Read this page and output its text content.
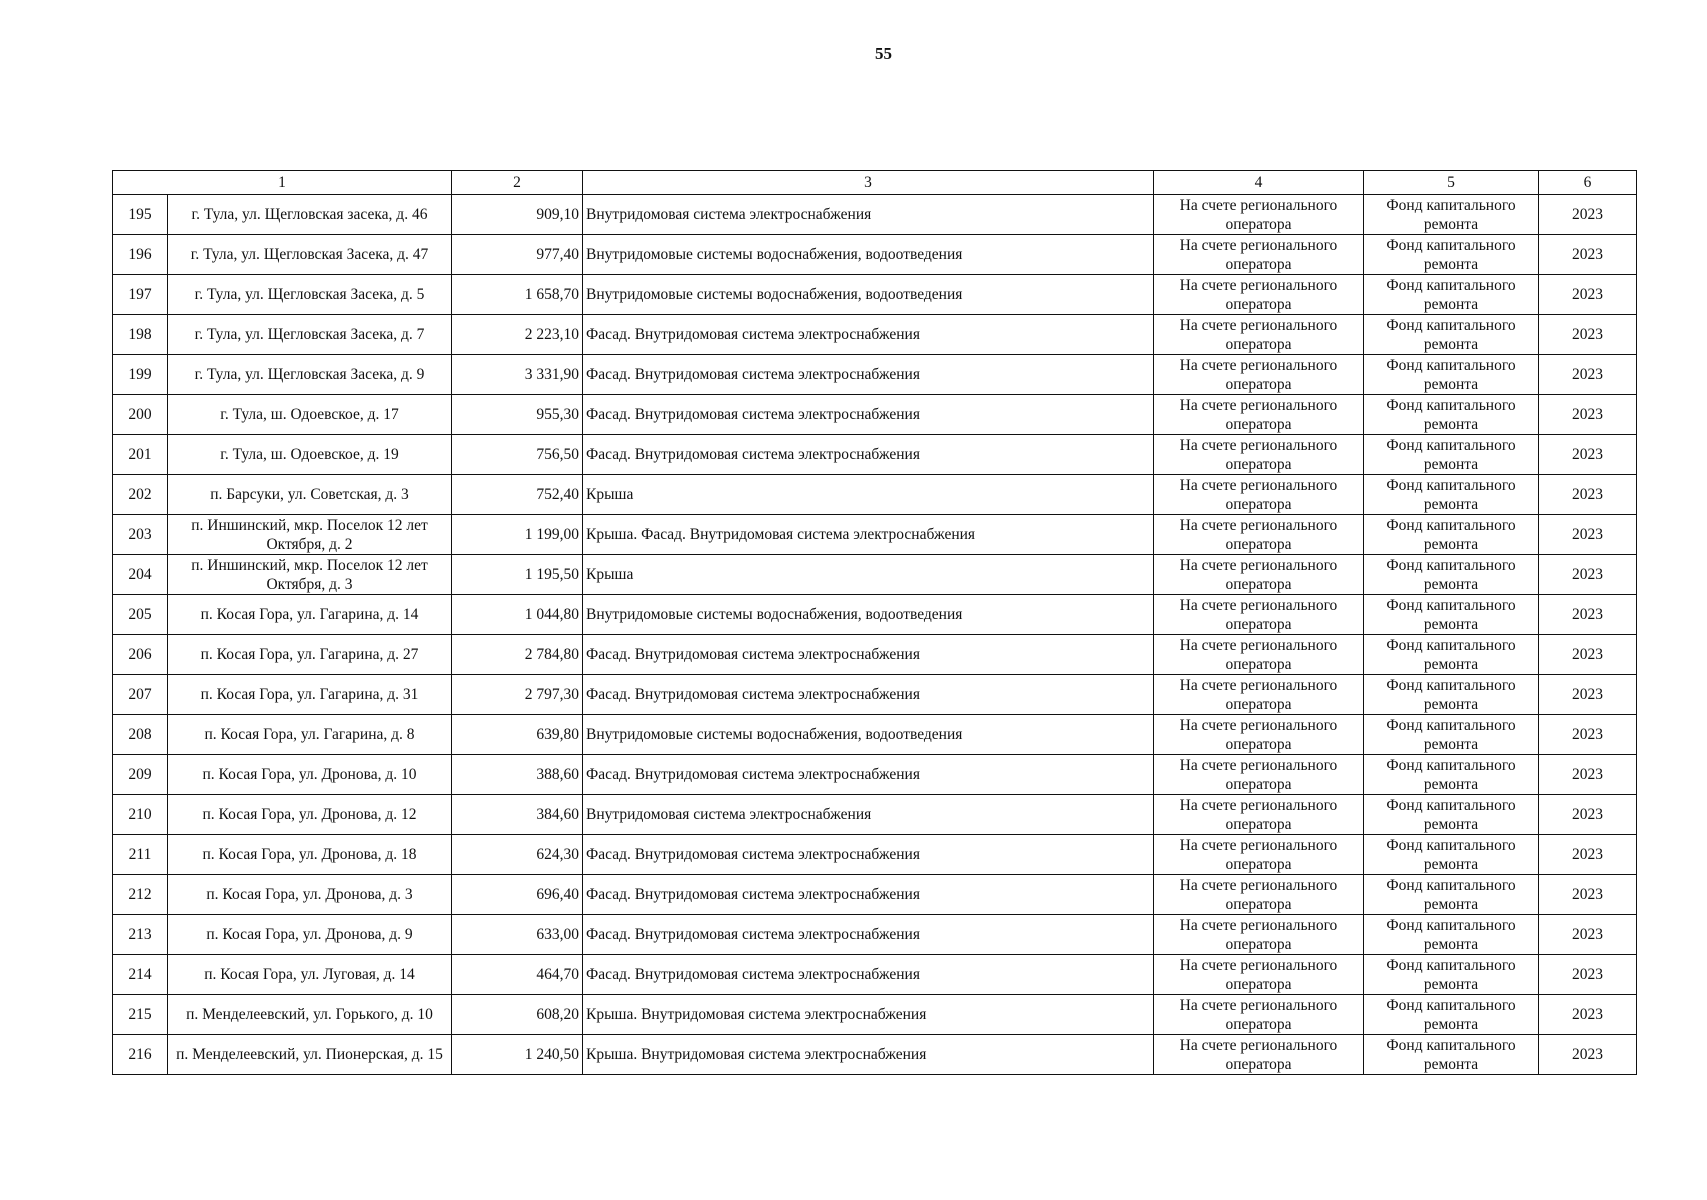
55
1		2	3	4	5	6
195	г. Тула, ул. Щегловская засека, д. 46	909,10	Внутридомовая система электроснабжения	На счете регионального оператора	Фонд капитального ремонта	2023
196	г. Тула, ул. Щегловская Засека, д. 47	977,40	Внутридомовые системы водоснабжения, водоотведения	На счете регионального оператора	Фонд капитального ремонта	2023
197	г. Тула, ул. Щегловская Засека, д. 5	1 658,70	Внутридомовые системы водоснабжения, водоотведения	На счете регионального оператора	Фонд капитального ремонта	2023
198	г. Тула, ул. Щегловская Засека, д. 7	2 223,10	Фасад. Внутридомовая система электроснабжения	На счете регионального оператора	Фонд капитального ремонта	2023
199	г. Тула, ул. Щегловская Засека, д. 9	3 331,90	Фасад. Внутридомовая система электроснабжения	На счете регионального оператора	Фонд капитального ремонта	2023
200	г. Тула, ш. Одоевское, д. 17	955,30	Фасад. Внутридомовая система электроснабжения	На счете регионального оператора	Фонд капитального ремонта	2023
201	г. Тула, ш. Одоевское, д. 19	756,50	Фасад. Внутридомовая система электроснабжения	На счете регионального оператора	Фонд капитального ремонта	2023
202	п. Барсуки, ул. Советская, д. 3	752,40	Крыша	На счете регионального оператора	Фонд капитального ремонта	2023
203	п. Иншинский, мкр. Поселок 12 лет Октября, д. 2	1 199,00	Крыша. Фасад. Внутридомовая система электроснабжения	На счете регионального оператора	Фонд капитального ремонта	2023
204	п. Иншинский, мкр. Поселок 12 лет Октября, д. 3	1 195,50	Крыша	На счете регионального оператора	Фонд капитального ремонта	2023
205	п. Косая Гора, ул. Гагарина, д. 14	1 044,80	Внутридомовые системы водоснабжения, водоотведения	На счете регионального оператора	Фонд капитального ремонта	2023
206	п. Косая Гора, ул. Гагарина, д. 27	2 784,80	Фасад. Внутридомовая система электроснабжения	На счете регионального оператора	Фонд капитального ремонта	2023
207	п. Косая Гора, ул. Гагарина, д. 31	2 797,30	Фасад. Внутридомовая система электроснабжения	На счете регионального оператора	Фонд капитального ремонта	2023
208	п. Косая Гора, ул. Гагарина, д. 8	639,80	Внутридомовые системы водоснабжения, водоотведения	На счете регионального оператора	Фонд капитального ремонта	2023
209	п. Косая Гора, ул. Дронова, д. 10	388,60	Фасад. Внутридомовая система электроснабжения	На счете регионального оператора	Фонд капитального ремонта	2023
210	п. Косая Гора, ул. Дронова, д. 12	384,60	Внутридомовая система электроснабжения	На счете регионального оператора	Фонд капитального ремонта	2023
211	п. Косая Гора, ул. Дронова, д. 18	624,30	Фасад. Внутридомовая система электроснабжения	На счете регионального оператора	Фонд капитального ремонта	2023
212	п. Косая Гора, ул. Дронова, д. 3	696,40	Фасад. Внутридомовая система электроснабжения	На счете регионального оператора	Фонд капитального ремонта	2023
213	п. Косая Гора, ул. Дронова, д. 9	633,00	Фасад. Внутридомовая система электроснабжения	На счете регионального оператора	Фонд капитального ремонта	2023
214	п. Косая Гора, ул. Луговая, д. 14	464,70	Фасад. Внутридомовая система электроснабжения	На счете регионального оператора	Фонд капитального ремонта	2023
215	п. Менделеевский, ул. Горького, д. 10	608,20	Крыша. Внутридомовая система электроснабжения	На счете регионального оператора	Фонд капитального ремонта	2023
216	п. Менделеевский, ул. Пионерская, д. 15	1 240,50	Крыша. Внутридомовая система электроснабжения	На счете регионального оператора	Фонд капитального ремонта	2023
